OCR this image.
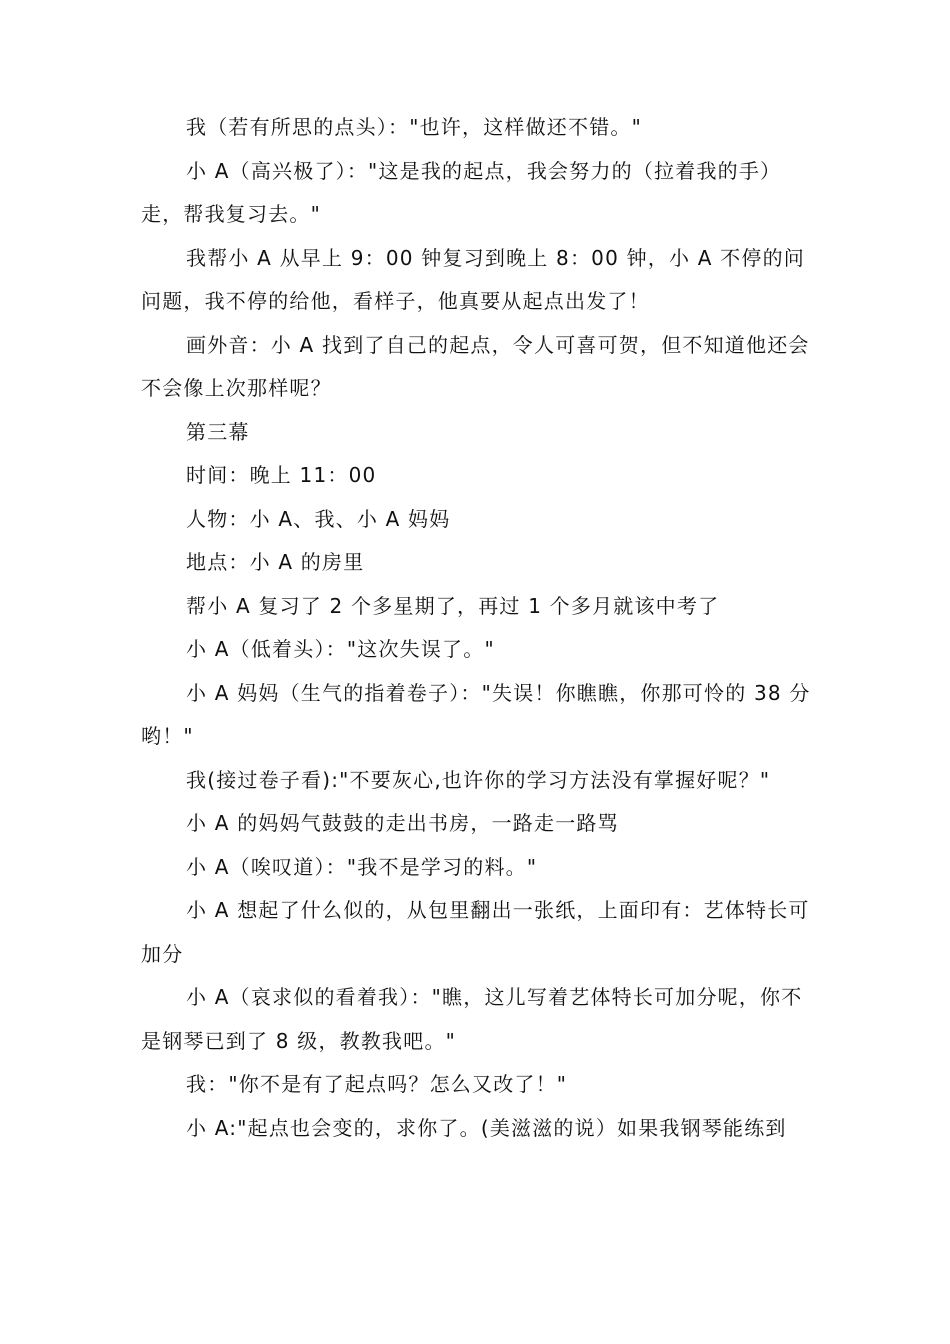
我（若有所思的点头）："也许，这样做还不错。"

小 A（高兴极了）："这是我的起点，我会努力的（拉着我的手）走，帮我复习去。"

我帮小 A 从早上 9：00 钟复习到晚上 8：00 钟，小 A 不停的问问题，我不停的给他，看样子，他真要从起点出发了！

画外音：小 A 找到了自己的起点，令人可喜可贺，但不知道他还会不会像上次那样呢？

第三幕

时间：晚上 11：00

人物：小 A、我、小 A 妈妈

地点：小 A 的房里

帮小 A 复习了 2 个多星期了，再过 1 个多月就该中考了

小 A（低着头）："这次失误了。"

小 A 妈妈（生气的指着卷子）："失误！你瞧瞧，你那可怜的 38 分哟！"

我(接过卷子看):"不要灰心,也许你的学习方法没有掌握好呢？"

小 A 的妈妈气鼓鼓的走出书房，一路走一路骂

小 A（唉叹道）："我不是学习的料。"

小 A 想起了什么似的，从包里翻出一张纸，上面印有：艺体特长可加分

小 A（哀求似的看着我）："瞧，这儿写着艺体特长可加分呢，你不是钢琴已到了 8 级，教教我吧。"

我："你不是有了起点吗？怎么又改了！"

小 A:"起点也会变的，求你了。(美滋滋的说）如果我钢琴能练到
